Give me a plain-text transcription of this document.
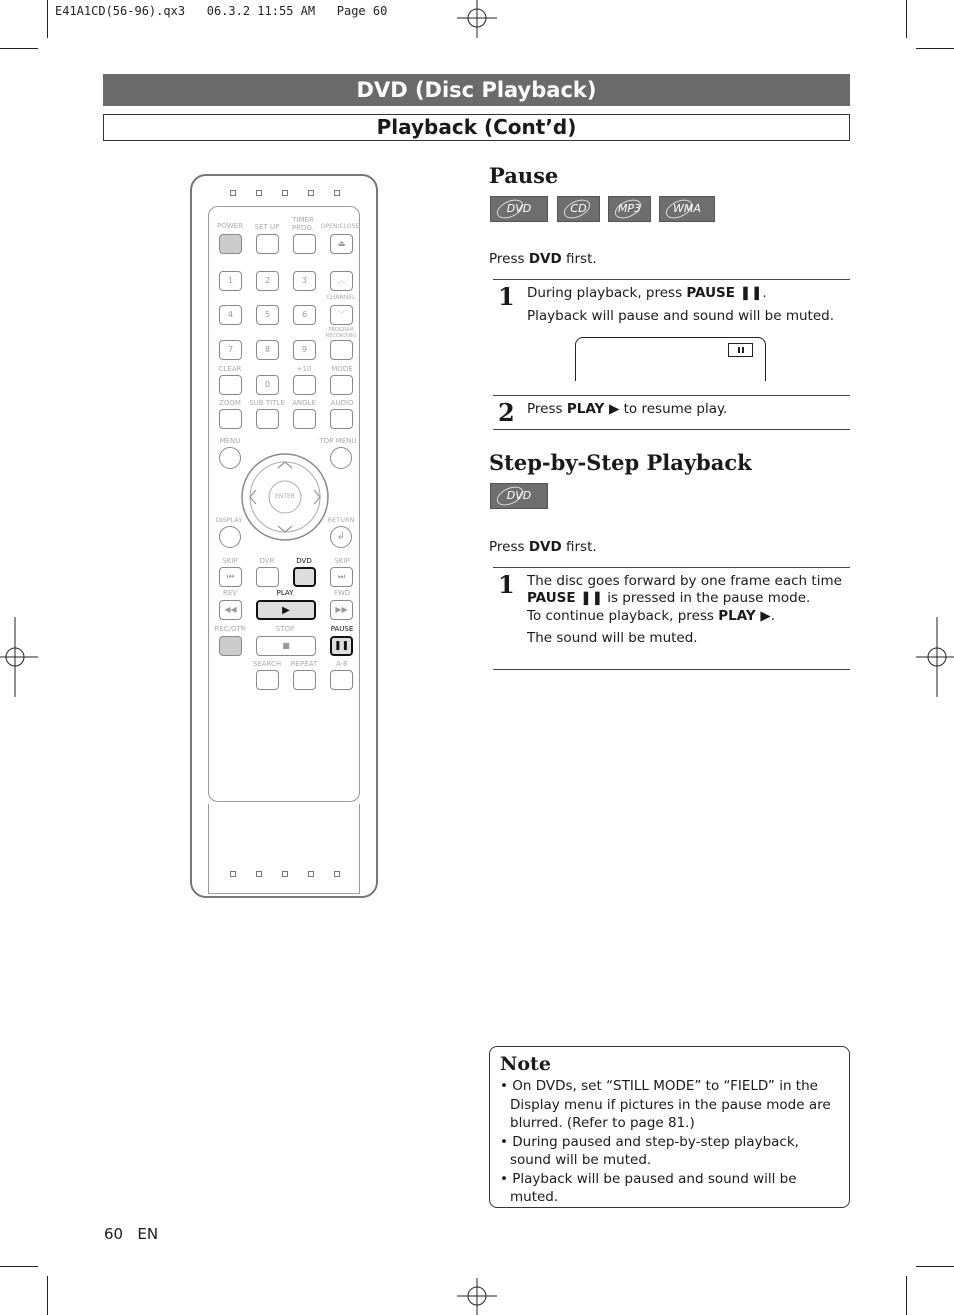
E41A1CD(56-96).qx3   06.3.2 11:55 AM   Page 60
DVD (Disc Playback)
Playback (Cont’d)
POWER	SET UP
TIMER PROG.	OPEN/CLOSE
⏏
1	2	3	︿
CHANNEL
4	5	6	﹀
PROGRAM RECORDING
7	8	9
CLEAR	+10	MODE
0
ZOOM	SUB TITLE	ANGLE	AUDIO
MENU	TOP MENU
ENTER
DISPLAY	RETURN
↲
SKIP	DVR	DVD	SKIP
⏮	⏭
REV	PLAY	FWD
◀◀	▶	▶▶
REC/OTR	STOP	PAUSE
■	❚❚
SEARCH	REPEAT	A-B
Pause
DVD	CD	MP3	WMA
Press DVD first.
1 During playback, press PAUSE ❚❚.
Playback will pause and sound will be muted.
2 Press PLAY ▶ to resume play.
Step-by-Step Playback
DVD
Press DVD first.
1 The disc goes forward by one frame each time
PAUSE ❚❚ is pressed in the pause mode.
To continue playback, press PLAY ▶.
The sound will be muted.
Note
• On DVDs, set “STILL MODE” to “FIELD” in the Display menu if pictures in the pause mode are blurred. (Refer to page 81.)
• During paused and step-by-step playback, sound will be muted.
• Playback will be paused and sound will be muted.
60 EN
